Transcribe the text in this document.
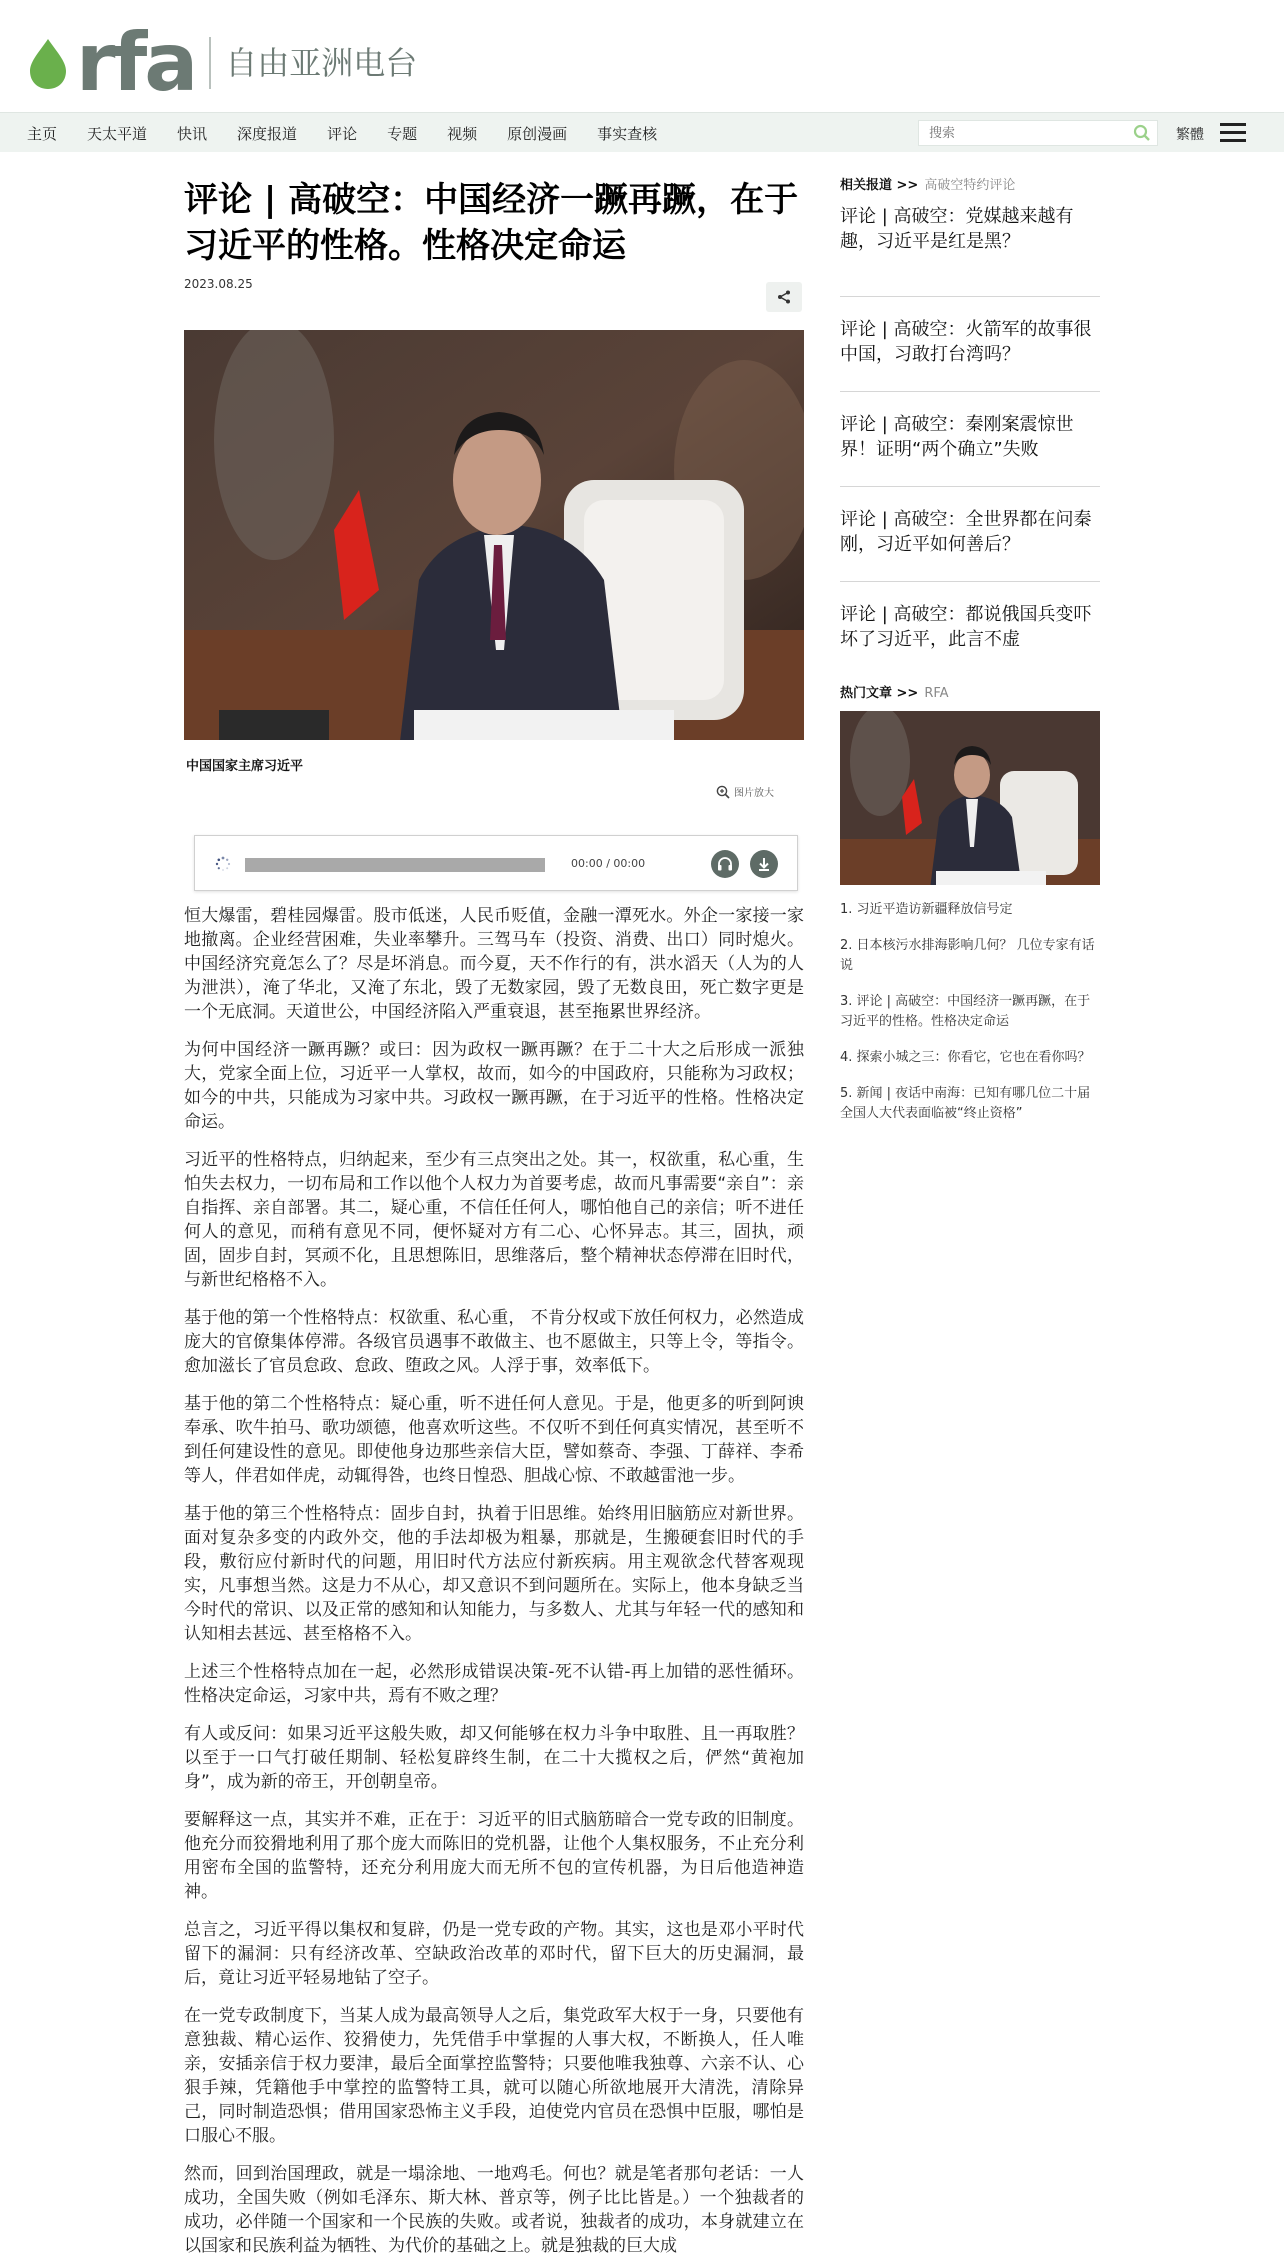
rfa 自由亚洲电台
主页 天太平道 快讯 深度报道 评论 专题 视频 原创漫画 事实查核
搜索	繁體
评论 | 高破空：中国经济一蹶再蹶，在于习近平的性格。性格决定命运
2023.08.25
中国国家主席习近平
图片放大
00:00 / 00:00

恒大爆雷，碧桂园爆雷。股市低迷，人民币贬值，金融一潭死水。外企一家接一家地撤离。企业经营困难，失业率攀升。三驾马车（投资、消费、出口）同时熄火。中国经济究竟怎么了？尽是坏消息。而今夏，天不作行的有，洪水滔天（人为的人为泄洪），淹了华北，又淹了东北，毁了无数家园，毁了无数良田，死亡数字更是一个无底洞。天道世公，中国经济陷入严重衰退，甚至拖累世界经济。

为何中国经济一蹶再蹶？或曰：因为政权一蹶再蹶？在于二十大之后形成一派独大，党家全面上位，习近平一人掌权，故而，如今的中国政府，只能称为习政权；如今的中共，只能成为习家中共。习政权一蹶再蹶，在于习近平的性格。性格决定命运。

习近平的性格特点，归纳起来，至少有三点突出之处。其一，权欲重，私心重，生怕失去权力，一切布局和工作以他个人权力为首要考虑，故而凡事需要“亲自”：亲自指挥、亲自部署。其二，疑心重，不信任任何人，哪怕他自己的亲信；听不进任何人的意见，而稍有意见不同，便怀疑对方有二心、心怀异志。其三，固执，顽固，固步自封，冥顽不化，且思想陈旧，思维落后，整个精神状态停滞在旧时代，与新世纪格格不入。

基于他的第一个性格特点：权欲重、私心重， 不肯分权或下放任何权力，必然造成庞大的官僚集体停滞。各级官员遇事不敢做主、也不愿做主，只等上令，等指令。愈加滋长了官员怠政、怠政、堕政之风。人浮于事，效率低下。

基于他的第二个性格特点：疑心重，听不进任何人意见。于是，他更多的听到阿谀奉承、吹牛拍马、歌功颂德，他喜欢听这些。不仅听不到任何真实情况，甚至听不到任何建设性的意见。即使他身边那些亲信大臣，譬如蔡奇、李强、丁薛祥、李希等人，伴君如伴虎，动辄得咎，也终日惶恐、胆战心惊、不敢越雷池一步。

基于他的第三个性格特点：固步自封，执着于旧思维。始终用旧脑筋应对新世界。面对复杂多变的内政外交，他的手法却极为粗暴，那就是，生搬硬套旧时代的手段，敷衍应付新时代的问题，用旧时代方法应付新疾病。用主观欲念代替客观现实，凡事想当然。这是力不从心，却又意识不到问题所在。实际上，他本身缺乏当今时代的常识、以及正常的感知和认知能力，与多数人、尤其与年轻一代的感知和认知相去甚远、甚至格格不入。

上述三个性格特点加在一起，必然形成错误决策-死不认错-再上加错的恶性循环。性格决定命运，习家中共，焉有不败之理？

有人或反问：如果习近平这般失败，却又何能够在权力斗争中取胜、且一再取胜？以至于一口气打破任期制、轻松复辟终生制，在二十大揽权之后，俨然“黄袍加身”，成为新的帝王，开创朝皇帝。

要解释这一点，其实并不难，正在于：习近平的旧式脑筋暗合一党专政的旧制度。他充分而狡猾地利用了那个庞大而陈旧的党机器，让他个人集权服务，不止充分利用密布全国的监警特，还充分利用庞大而无所不包的宣传机器，为日后他造神造神。

总言之，习近平得以集权和复辟，仍是一党专政的产物。其实，这也是邓小平时代留下的漏洞：只有经济改革、空缺政治改革的邓时代，留下巨大的历史漏洞，最后，竟让习近平轻易地钻了空子。

在一党专政制度下，当某人成为最高领导人之后，集党政军大权于一身，只要他有意独裁、精心运作、狡猾使力，先凭借手中掌握的人事大权，不断换人，任人唯亲，安插亲信于权力要津，最后全面掌控监警特；只要他唯我独尊、六亲不认、心狠手辣，凭籍他手中掌控的监警特工具，就可以随心所欲地展开大清洗，清除异己，同时制造恐惧；借用国家恐怖主义手段，迫使党内官员在恐惧中臣服，哪怕是口服心不服。

然而，回到治国理政，就是一塌涂地、一地鸡毛。何也？就是笔者那句老话：一人成功，全国失败（例如毛泽东、斯大林、普京等，例子比比皆是。）一个独裁者的成功，必伴随一个国家和一个民族的失败。或者说，独裁者的成功，本身就建立在以国家和民族利益为牺牲、为代价的基础之上。就是独裁的巨大成

相关报道 >> 高破空特约评论
评论 | 高破空：党媒越来越有趣，习近平是红是黑？
评论 | 高破空：火箭军的故事很中国，习敢打台湾吗？
评论 | 高破空：秦刚案震惊世界！证明“两个确立”失败
评论 | 高破空：全世界都在问秦刚，习近平如何善后？
评论 | 高破空：都说俄国兵变吓坏了习近平，此言不虚
热门文章 >> RFA
1. 习近平造访新疆释放信号定
2. 日本核污水排海影响几何？ 几位专家有话说
3. 评论 | 高破空：中国经济一蹶再蹶，在于习近平的性格。性格决定命运
4. 探索小城之三：你看它，它也在看你吗？
5. 新闻 | 夜话中南海：已知有哪几位二十届全国人大代表面临被“终止资格”
